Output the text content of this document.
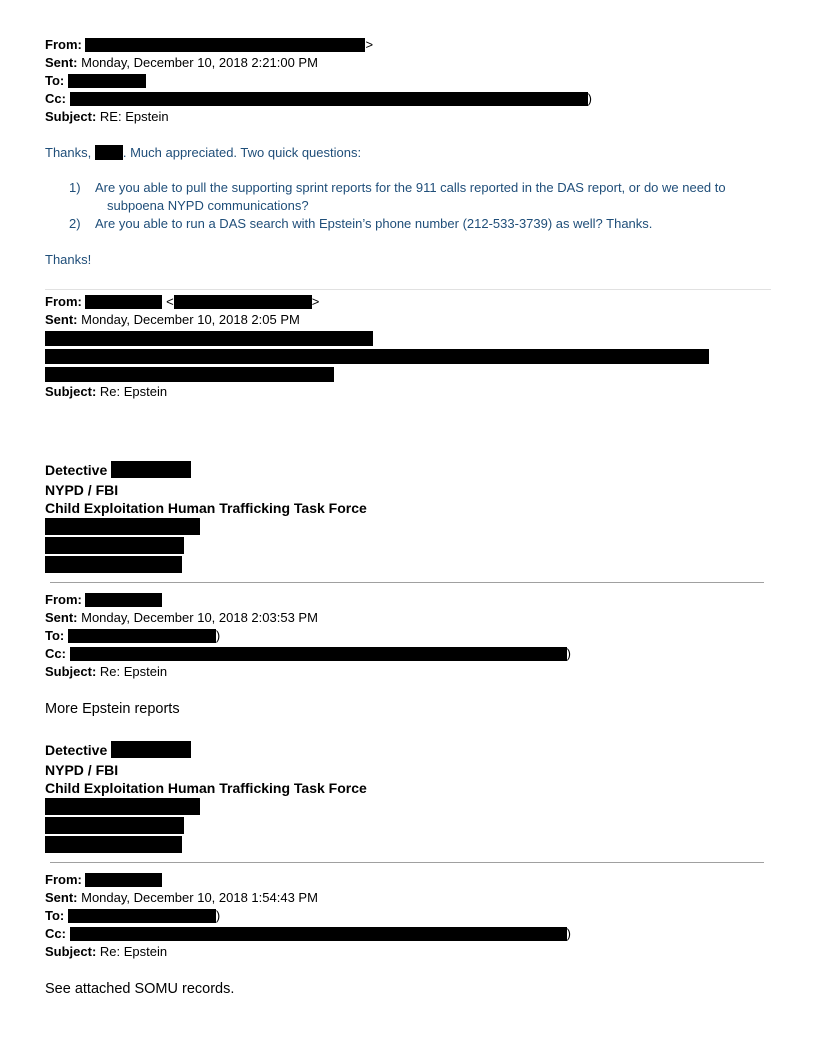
From:	>
Sent: Monday, December 10, 2018 2:21:00 PM
To:
Cc:	)
Subject: RE: Epstein
Thanks, . Much appreciated. Two quick questions:
1) Are you able to pull the supporting sprint reports for the 911 calls reported in the DAS report, or do we need to
subpoena NYPD communications?
2) Are you able to run a DAS search with Epstein’s phone number (212-533-3739) as well? Thanks.
Thanks!
From:	<	>
Sent: Monday, December 10, 2018 2:05 PM
Subject: Re: Epstein
Detective
NYPD / FBI
Child Exploitation Human Trafficking Task Force
From:
Sent: Monday, December 10, 2018 2:03:53 PM
To:	)
Cc:	)
Subject: Re: Epstein
More Epstein reports
Detective
NYPD / FBI
Child Exploitation Human Trafficking Task Force
From:
Sent: Monday, December 10, 2018 1:54:43 PM
To:	)
Cc:	)
Subject: Re: Epstein
See attached SOMU records.
